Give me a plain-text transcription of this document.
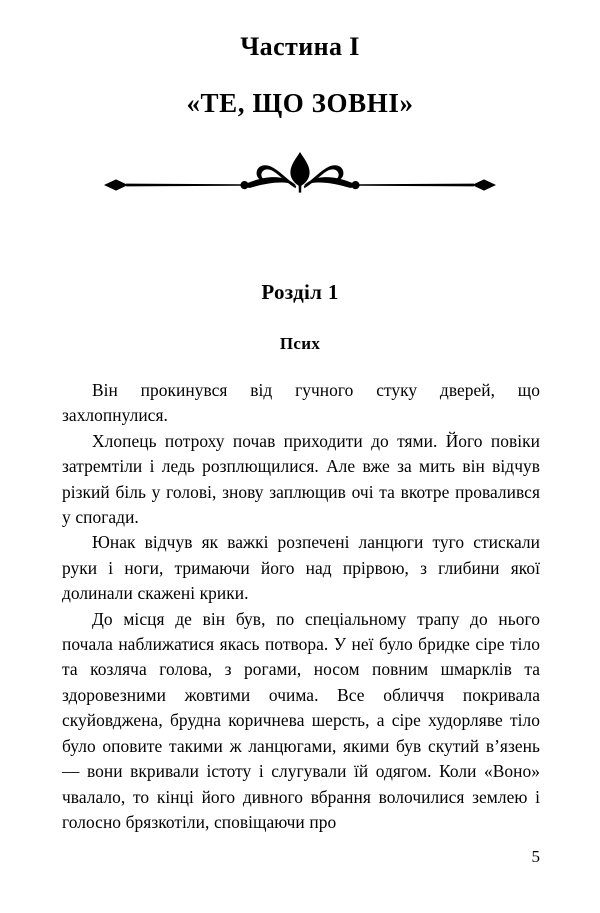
Частина I
«ТЕ, ЩО ЗОВНІ»
Розділ 1
Псих

Він прокинувся від гучного стуку дверей, що захлопнулися.

Хлопець потроху почав приходити до тями. Його повіки затремтіли і ледь розплющилися. Але вже за мить він відчув різкий біль у голові, знову заплющив очі та вкотре провалився у спогади.

Юнак відчув як важкі розпечені ланцюги туго стискали руки і ноги, тримаючи його над прірвою, з глибини якої долинали скажені крики.

До місця де він був, по спеціальному трапу до нього почала наближатися якась потвора. У неї було бридке сіре тіло та козляча голова, з рогами, носом повним шмарклів та здоровезними жовтими очима. Все обличчя покривала скуйовджена, брудна коричнева шерсть, а сіре худорляве тіло було оповите такими ж ланцюгами, якими був скутий в’язень — вони вкривали істоту і слугували їй одягом. Коли «Воно» чвалало, то кінці його дивного вбрання волочилися землею і голосно брязкотіли, сповіщаючи про

5
